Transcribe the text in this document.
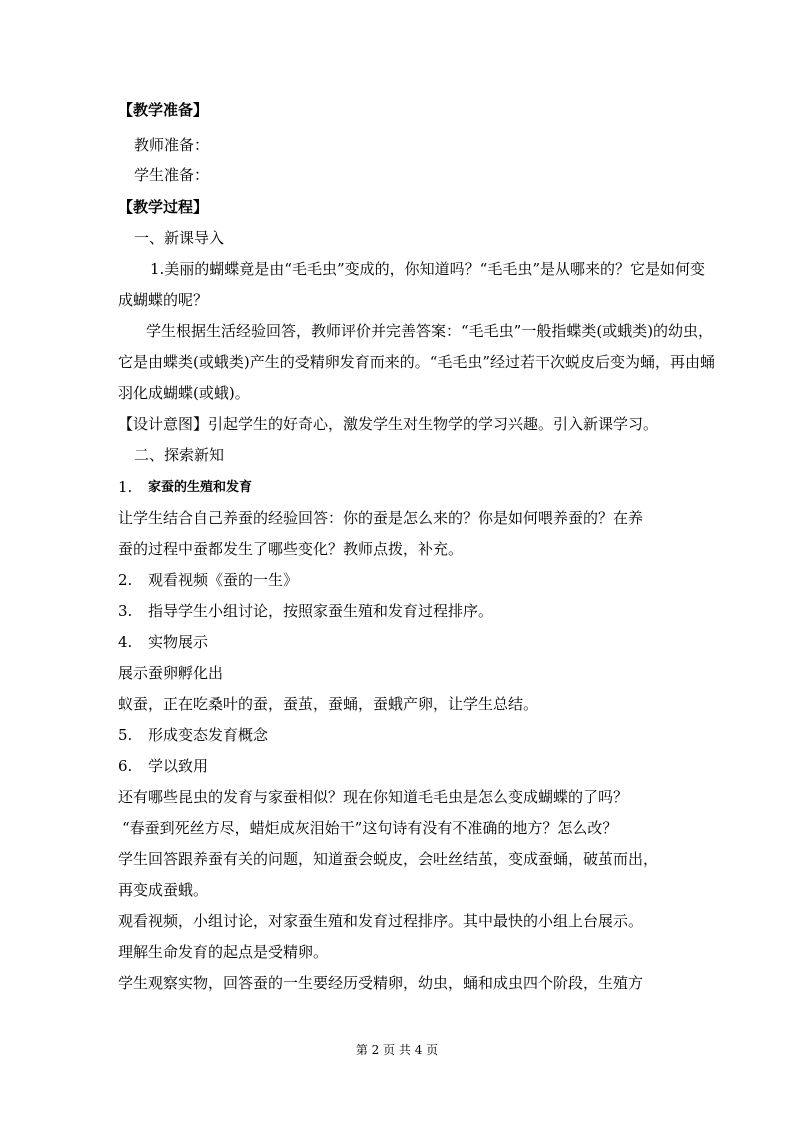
【教学准备】
教师准备：
学生准备：
【教学过程】
一、新课导入
1.美丽的蝴蝶竟是由“毛毛虫”变成的，你知道吗？“毛毛虫”是从哪来的？它是如何变
成蝴蝶的呢？
学生根据生活经验回答，教师评价并完善答案：“毛毛虫”一般指蝶类(或蛾类)的幼虫，
它是由蝶类(或蛾类)产生的受精卵发育而来的。“毛毛虫”经过若干次蜕皮后变为蛹，再由蛹
羽化成蝴蝶(或蛾)。
【设计意图】引起学生的好奇心，激发学生对生物学的学习兴趣。引入新课学习。
二、探索新知
1. 家蚕的生殖和发育
让学生结合自己养蚕的经验回答：你的蚕是怎么来的？你是如何喂养蚕的？在养
蚕的过程中蚕都发生了哪些变化？教师点拨，补充。
2. 观看视频《蚕的一生》
3. 指导学生小组讨论，按照家蚕生殖和发育过程排序。
4. 实物展示
展示蚕卵孵化出
蚁蚕，正在吃桑叶的蚕，蚕茧，蚕蛹，蚕蛾产卵，让学生总结。
5. 形成变态发育概念
6. 学以致用
还有哪些昆虫的发育与家蚕相似？现在你知道毛毛虫是怎么变成蝴蝶的了吗？
“春蚕到死丝方尽，蜡炬成灰泪始干”这句诗有没有不准确的地方？怎么改？
学生回答跟养蚕有关的问题，知道蚕会蜕皮，会吐丝结茧，变成蚕蛹，破茧而出，
再变成蚕蛾。
观看视频，小组讨论，对家蚕生殖和发育过程排序。其中最快的小组上台展示。
理解生命发育的起点是受精卵。
学生观察实物，回答蚕的一生要经历受精卵，幼虫，蛹和成虫四个阶段，生殖方
第 2 页 共 4 页
